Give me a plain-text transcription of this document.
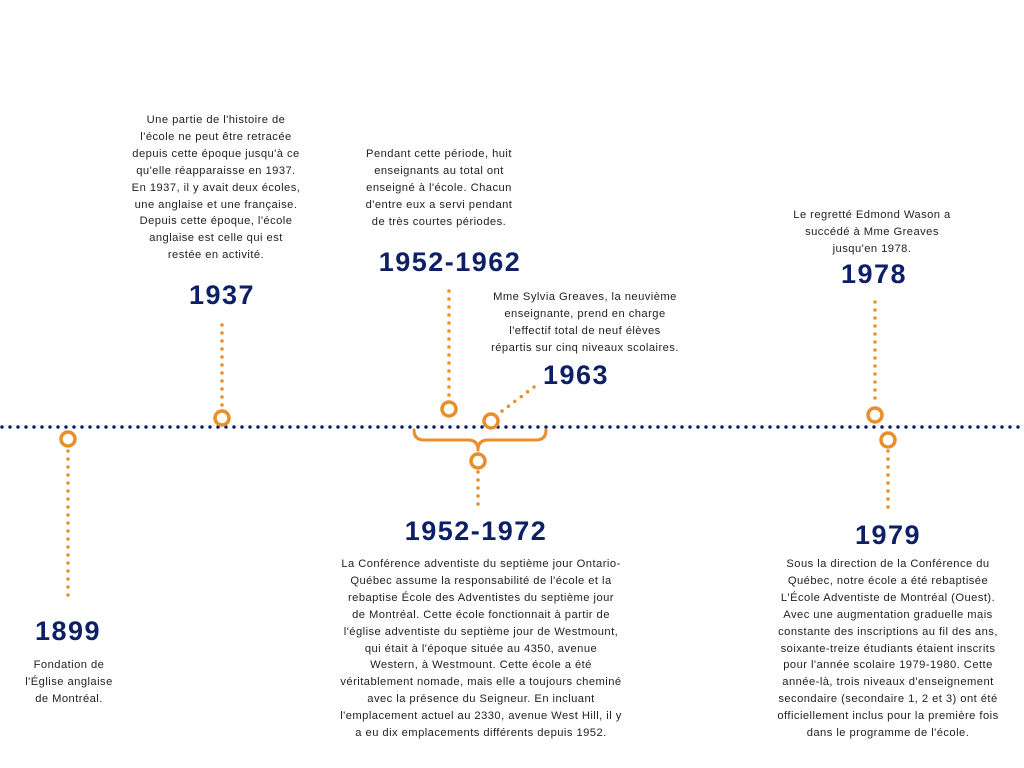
1899
Fondation de
l'Église anglaise
de Montréal.
Une partie de l'histoire de
l'école ne peut être retracée
depuis cette époque jusqu'à ce
qu'elle réapparaisse en 1937.
En 1937, il y avait deux écoles,
une anglaise et une française.
Depuis cette époque, l'école
anglaise est celle qui est
restée en activité.
1937
Pendant cette période, huit
enseignants au total ont
enseigné à l'école. Chacun
d'entre eux a servi pendant
de très courtes périodes.
1952-1962
Mme Sylvia Greaves, la neuvième
enseignante, prend en charge
l'effectif total de neuf élèves
répartis sur cinq niveaux scolaires.
1963
1952-1972
La Conférence adventiste du septième jour Ontario-
Québec assume la responsabilité de l'école et la
rebaptise École des Adventistes du septième jour
de Montréal. Cette école fonctionnait à partir de
l'église adventiste du septième jour de Westmount,
qui était à l'époque située au 4350, avenue
Western, à Westmount. Cette école a été
véritablement nomade, mais elle a toujours cheminé
avec la présence du Seigneur. En incluant
l'emplacement actuel au 2330, avenue West Hill, il y
a eu dix emplacements différents depuis 1952.
Le regretté Edmond Wason a
succédé à Mme Greaves
jusqu'en 1978.
1978
1979
Sous la direction de la Conférence du
Québec, notre école a été rebaptisée
L'École Adventiste de Montréal (Ouest).
Avec une augmentation graduelle mais
constante des inscriptions au fil des ans,
soixante-treize étudiants étaient inscrits
pour l'année scolaire 1979-1980. Cette
année-là, trois niveaux d'enseignement
secondaire (secondaire 1, 2 et 3) ont été
officiellement inclus pour la première fois
dans le programme de l'école.
